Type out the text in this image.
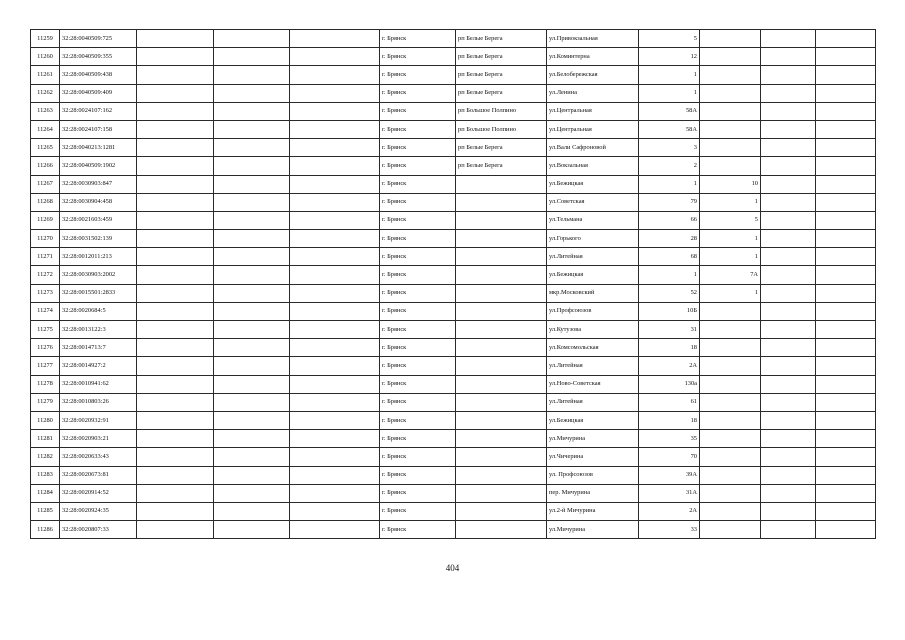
11259	32:28:0040509:725				г. Брянск	рп Белые Берега	ул.Привокзальная	5			
11260	32:28:0040509:355				г. Брянск	рп Белые Берега	ул.Коминтерна	12			
11261	32:28:0040509:438				г. Брянск	рп Белые Берега	ул.Белобережская	1			
11262	32:28:0040509:409				г. Брянск	рп Белые Берега	ул.Ленина	1			
11263	32:28:0024107:162				г. Брянск	рп Большое Полпино	ул.Центральная	58А			
11264	32:28:0024107:158				г. Брянск	рп Большое Полпино	ул.Центральная	58А			
11265	32:28:0040213:1281				г. Брянск	рп Белые Берега	ул.Вали Сафроновой	3			
11266	32:28:0040509:1902				г. Брянск	рп Белые Берега	ул.Вокзальная	2			
11267	32:28:0030903:847				г. Брянск		ул.Бежицкая	1	10		
11268	32:28:0030904:458				г. Брянск		ул.Советская	79	1		
11269	32:28:0021603:459				г. Брянск		ул.Тельмана	66	5		
11270	32:28:0031502:139				г. Брянск		ул.Горького	28	1		
11271	32:28:0012011:213				г. Брянск		ул.Литейная	68	1		
11272	32:28:0030903:2002				г. Брянск		ул.Бежицкая	1	7А		
11273	32:28:0015501:2833				г. Брянск		мкр.Московский	52	1		
11274	32:28:0020684:5				г. Брянск		ул.Профсоюзов	10Б			
11275	32:28:0013122:3				г. Брянск		ул.Кутузова	31			
11276	32:28:0014713:7				г. Брянск		ул.Комсомольская	18			
11277	32:28:0014927:2				г. Брянск		ул.Литейная	2А			
11278	32:28:0010941:62				г. Брянск		ул.Ново-Советская	130а			
11279	32:28:0010803:26				г. Брянск		ул.Литейная	61			
11280	32:28:0020932:91				г. Брянск		ул.Бежицкая	18			
11281	32:28:0020903:21				г. Брянск		ул.Мичурина	35			
11282	32:28:0020633:43				г. Брянск		ул.Чичерина	70			
11283	32:28:0020673:81				г. Брянск		ул. Профсоюзов	39А			
11284	32:28:0020914:52				г. Брянск		пер. Мичурина	31А			
11285	32:28:0020924:35				г. Брянск		ул.2-й Мичурина	2А			
11286	32:28:0020807:33				г. Брянск		ул.Мичурина	33			
404
